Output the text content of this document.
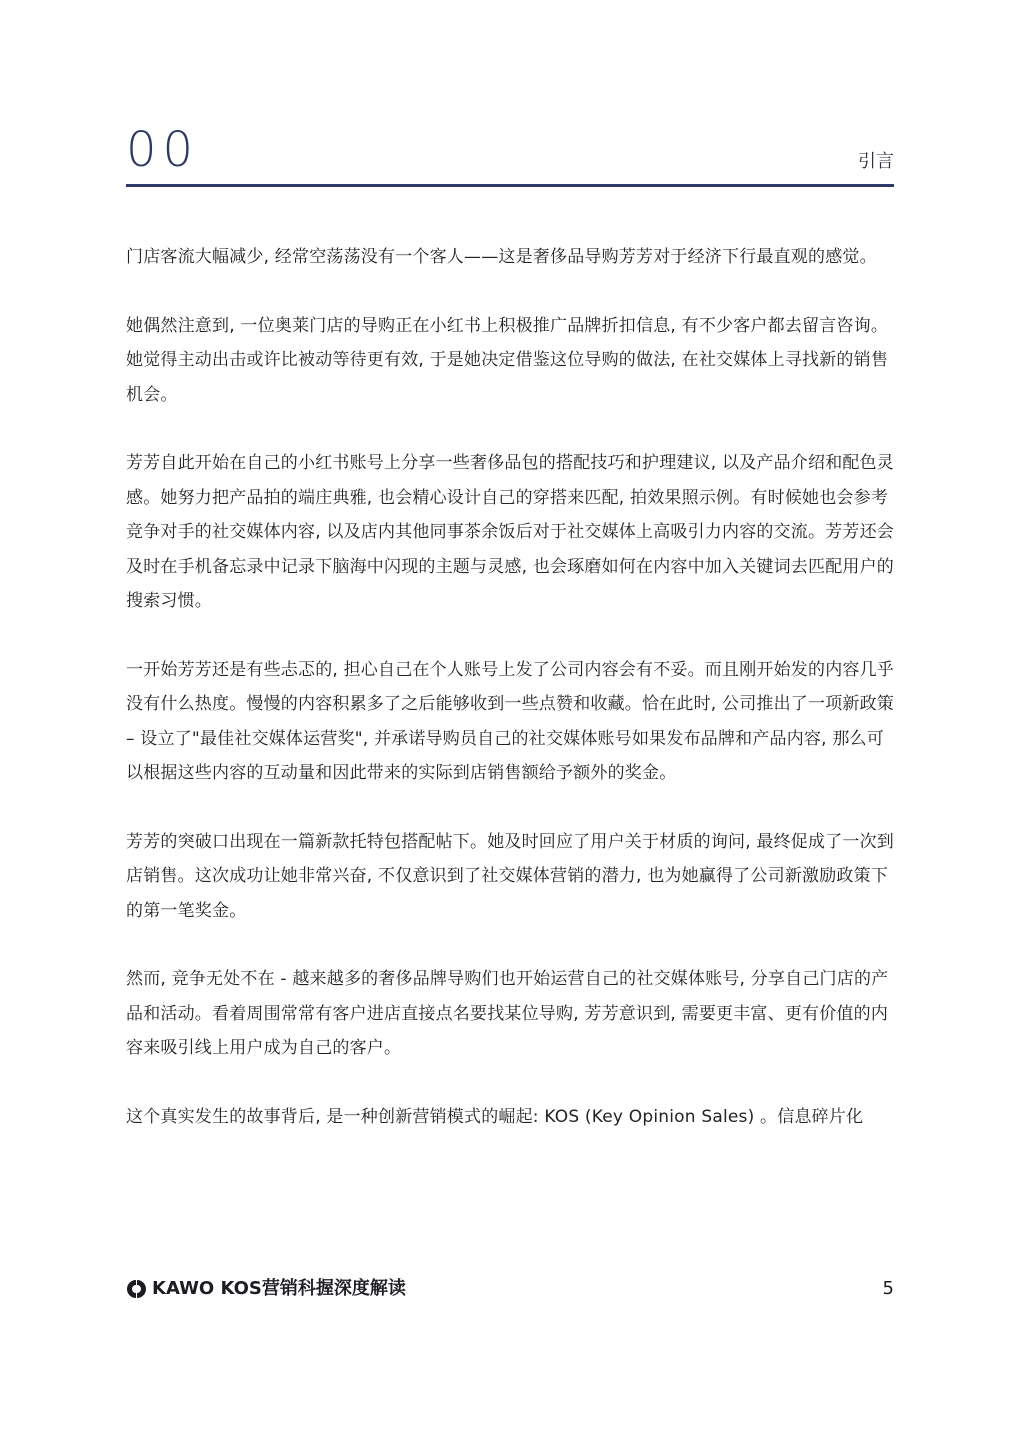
00	引言

门店客流大幅减少, 经常空荡荡没有一个客人——这是奢侈品导购芳芳对于经济下行最直观的感觉。

她偶然注意到, 一位奥莱门店的导购正在小红书上积极推广品牌折扣信息, 有不少客户都去留言咨询。她觉得主动出击或许比被动等待更有效, 于是她决定借鉴这位导购的做法, 在社交媒体上寻找新的销售机会。

芳芳自此开始在自己的小红书账号上分享一些奢侈品包的搭配技巧和护理建议, 以及产品介绍和配色灵感。她努力把产品拍的端庄典雅, 也会精心设计自己的穿搭来匹配, 拍效果照示例。有时候她也会参考竞争对手的社交媒体内容, 以及店内其他同事茶余饭后对于社交媒体上高吸引力内容的交流。芳芳还会及时在手机备忘录中记录下脑海中闪现的主题与灵感, 也会琢磨如何在内容中加入关键词去匹配用户的搜索习惯。

一开始芳芳还是有些忐忑的, 担心自己在个人账号上发了公司内容会有不妥。而且刚开始发的内容几乎没有什么热度。慢慢的内容积累多了之后能够收到一些点赞和收藏。恰在此时, 公司推出了一项新政策 – 设立了"最佳社交媒体运营奖", 并承诺导购员自己的社交媒体账号如果发布品牌和产品内容, 那么可以根据这些内容的互动量和因此带来的实际到店销售额给予额外的奖金。

芳芳的突破口出现在一篇新款托特包搭配帖下。她及时回应了用户关于材质的询问, 最终促成了一次到店销售。这次成功让她非常兴奋, 不仅意识到了社交媒体营销的潜力, 也为她赢得了公司新激励政策下的第一笔奖金。

然而, 竞争无处不在 - 越来越多的奢侈品牌导购们也开始运营自己的社交媒体账号, 分享自己门店的产品和活动。看着周围常常有客户进店直接点名要找某位导购, 芳芳意识到, 需要更丰富、更有价值的内容来吸引线上用户成为自己的客户。

这个真实发生的故事背后, 是一种创新营销模式的崛起: KOS (Key Opinion Sales) 。信息碎片化

KAWO KOS营销科握深度解读	5
